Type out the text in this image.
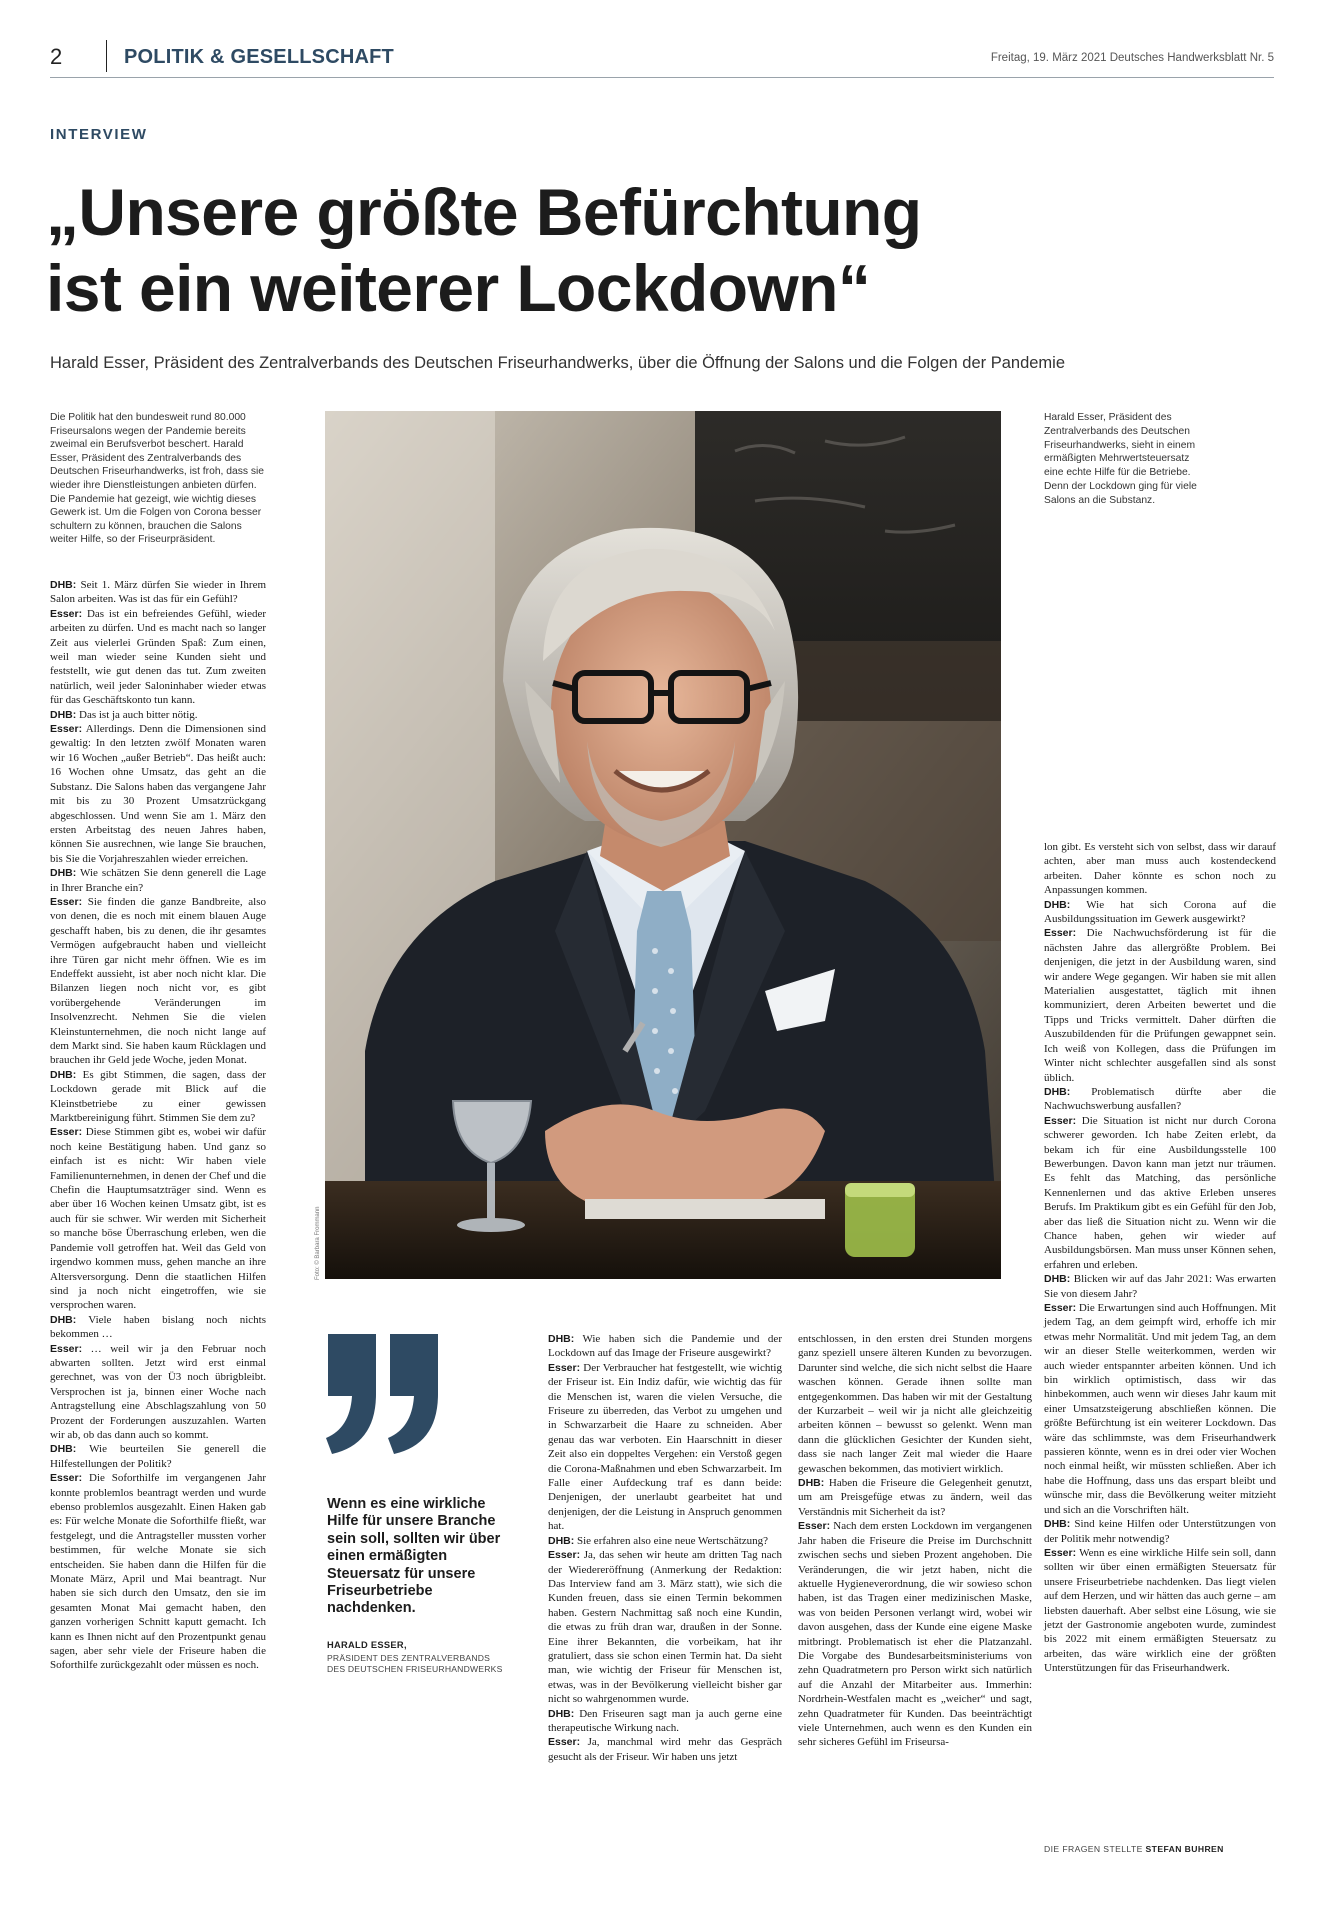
2	POLITIK & GESELLSCHAFT	Freitag, 19. März 2021 Deutsches Handwerksblatt Nr. 5
INTERVIEW
„Unsere größte Befürchtung
ist ein weiterer Lockdown“
Harald Esser, Präsident des Zentralverbands des Deutschen Friseurhandwerks, über die Öffnung der Salons und die Folgen der Pandemie
Die Politik hat den bundesweit rund 80.000 Friseursalons wegen der Pandemie bereits zweimal ein Berufsverbot beschert. Harald Esser, Präsident des Zentralverbands des Deutschen Friseurhandwerks, ist froh, dass sie wieder ihre Dienstleistungen anbieten dürfen. Die Pandemie hat gezeigt, wie wichtig dieses Gewerk ist. Um die Folgen von Corona besser schultern zu können, brauchen die Salons weiter Hilfe, so der Friseurpräsident.
Foto: © Barbara Frommann
Harald Esser, Präsident des Zentralverbands des Deutschen Friseurhandwerks, sieht in einem ermäßigten Mehrwertsteuersatz eine echte Hilfe für die Betriebe. Denn der Lockdown ging für viele Salons an die Substanz.

DHB: Seit 1. März dürfen Sie wieder in Ihrem Salon arbeiten. Was ist das für ein Gefühl?

Esser: Das ist ein befreiendes Gefühl, wieder arbeiten zu dürfen. Und es macht nach so langer Zeit aus vielerlei Gründen Spaß: Zum einen, weil man wieder seine Kunden sieht und feststellt, wie gut denen das tut. Zum zweiten natürlich, weil jeder Saloninhaber wieder etwas für das Geschäftskonto tun kann.

DHB: Das ist ja auch bitter nötig.

Esser: Allerdings. Denn die Dimensionen sind gewaltig: In den letzten zwölf Monaten waren wir 16 Wochen „außer Betrieb“. Das heißt auch: 16 Wochen ohne Umsatz, das geht an die Substanz. Die Salons haben das vergangene Jahr mit bis zu 30 Prozent Umsatzrückgang abgeschlossen. Und wenn Sie am 1. März den ersten Arbeitstag des neuen Jahres haben, können Sie ausrechnen, wie lange Sie brauchen, bis Sie die Vorjahreszahlen wieder erreichen.

DHB: Wie schätzen Sie denn generell die Lage in Ihrer Branche ein?

Esser: Sie finden die ganze Bandbreite, also von denen, die es noch mit einem blauen Auge geschafft haben, bis zu denen, die ihr gesamtes Vermögen aufgebraucht haben und vielleicht ihre Türen gar nicht mehr öffnen. Wie es im Endeffekt aussieht, ist aber noch nicht klar. Die Bilanzen liegen noch nicht vor, es gibt vorübergehende Veränderungen im Insolvenzrecht. Nehmen Sie die vielen Kleinstunternehmen, die noch nicht lange auf dem Markt sind. Sie haben kaum Rücklagen und brauchen ihr Geld jede Woche, jeden Monat.

DHB: Es gibt Stimmen, die sagen, dass der Lockdown gerade mit Blick auf die Kleinstbetriebe zu einer gewissen Marktbereinigung führt. Stimmen Sie dem zu?

Esser: Diese Stimmen gibt es, wobei wir dafür noch keine Bestätigung haben. Und ganz so einfach ist es nicht: Wir haben viele Familienunternehmen, in denen der Chef und die Chefin die Hauptumsatzträger sind. Wenn es aber über 16 Wochen keinen Umsatz gibt, ist es auch für sie schwer. Wir werden mit Sicherheit so manche böse Überraschung erleben, wen die Pandemie voll getroffen hat. Weil das Geld von irgendwo kommen muss, gehen manche an ihre Altersversorgung. Denn die staatlichen Hilfen sind ja noch nicht eingetroffen, wie sie versprochen waren.

DHB: Viele haben bislang noch nichts bekommen …

Esser: … weil wir ja den Februar noch abwarten sollten. Jetzt wird erst einmal gerechnet, was von der Ü3 noch übrigbleibt. Versprochen ist ja, binnen einer Woche nach Antragstellung eine Abschlagszahlung von 50 Prozent der Forderungen auszuzahlen. Warten wir ab, ob das dann auch so kommt.

DHB: Wie beurteilen Sie generell die Hilfestellungen der Politik?

Esser: Die Soforthilfe im vergangenen Jahr konnte problemlos beantragt werden und wurde ebenso problemlos ausgezahlt. Einen Haken gab es: Für welche Monate die Soforthilfe fließt, war festgelegt, und die Antragsteller mussten vorher bestimmen, für welche Monate sie sich entscheiden. Sie haben dann die Hilfen für die Monate März, April und Mai beantragt. Nur haben sie sich durch den Umsatz, den sie im gesamten Monat Mai gemacht haben, den ganzen vorherigen Schnitt kaputt gemacht. Ich kann es Ihnen nicht auf den Prozentpunkt genau sagen, aber sehr viele der Friseure haben die Soforthilfe zurückgezahlt oder müssen es noch.

DHB: Wie haben sich die Pandemie und der Lockdown auf das Image der Friseure ausgewirkt?

Esser: Der Verbraucher hat festgestellt, wie wichtig der Friseur ist. Ein Indiz dafür, wie wichtig das für die Menschen ist, waren die vielen Versuche, die Friseure zu überreden, das Verbot zu umgehen und in Schwarzarbeit die Haare zu schneiden. Aber genau das war verboten. Ein Haarschnitt in dieser Zeit also ein doppeltes Vergehen: ein Verstoß gegen die Corona-Maßnahmen und eben Schwarzarbeit. Im Falle einer Aufdeckung traf es dann beide: Denjenigen, der unerlaubt gearbeitet hat und denjenigen, der die Leistung in Anspruch genommen hat.

DHB: Sie erfahren also eine neue Wertschätzung?

Esser: Ja, das sehen wir heute am dritten Tag nach der Wiedereröffnung (Anmerkung der Redaktion: Das Interview fand am 3. März statt), wie sich die Kunden freuen, dass sie einen Termin bekommen haben. Gestern Nachmittag saß noch eine Kundin, die etwas zu früh dran war, draußen in der Sonne. Eine ihrer Bekannten, die vorbeikam, hat ihr gratuliert, dass sie schon einen Termin hat. Da sieht man, wie wichtig der Friseur für Menschen ist, etwas, was in der Bevölkerung vielleicht bisher gar nicht so wahrgenommen wurde.

DHB: Den Friseuren sagt man ja auch gerne eine therapeutische Wirkung nach.

Esser: Ja, manchmal wird mehr das Gespräch gesucht als der Friseur. Wir haben uns jetzt

entschlossen, in den ersten drei Stunden morgens ganz speziell unsere älteren Kunden zu bevorzugen. Darunter sind welche, die sich nicht selbst die Haare waschen können. Gerade ihnen sollte man entgegenkommen. Das haben wir mit der Gestaltung der Kurzarbeit – weil wir ja nicht alle gleichzeitig arbeiten können – bewusst so gelenkt. Wenn man dann die glücklichen Gesichter der Kunden sieht, dass sie nach langer Zeit mal wieder die Haare gewaschen bekommen, das motiviert wirklich.

DHB: Haben die Friseure die Gelegenheit genutzt, um am Preisgefüge etwas zu ändern, weil das Verständnis mit Sicherheit da ist?

Esser: Nach dem ersten Lockdown im vergangenen Jahr haben die Friseure die Preise im Durchschnitt zwischen sechs und sieben Prozent angehoben. Die Veränderungen, die wir jetzt haben, nicht die aktuelle Hygieneverordnung, die wir sowieso schon haben, ist das Tragen einer medizinischen Maske, was von beiden Personen verlangt wird, wobei wir davon ausgehen, dass der Kunde eine eigene Maske mitbringt. Problematisch ist eher die Platzanzahl. Die Vorgabe des Bundesarbeitsministeriums von zehn Quadratmetern pro Person wirkt sich natürlich auf die Anzahl der Mitarbeiter aus. Immerhin: Nordrhein-Westfalen macht es „weicher“ und sagt, zehn Quadratmeter für Kunden. Das beeinträchtigt viele Unternehmen, auch wenn es den Kunden ein sehr sicheres Gefühl im Friseursa-

lon gibt. Es versteht sich von selbst, dass wir darauf achten, aber man muss auch kostendeckend arbeiten. Daher könnte es schon noch zu Anpassungen kommen.

DHB: Wie hat sich Corona auf die Ausbildungssituation im Gewerk ausgewirkt?

Esser: Die Nachwuchsförderung ist für die nächsten Jahre das allergrößte Problem. Bei denjenigen, die jetzt in der Ausbildung waren, sind wir andere Wege gegangen. Wir haben sie mit allen Materialien ausgestattet, täglich mit ihnen kommuniziert, deren Arbeiten bewertet und die Tipps und Tricks vermittelt. Daher dürften die Auszubildenden für die Prüfungen gewappnet sein. Ich weiß von Kollegen, dass die Prüfungen im Winter nicht schlechter ausgefallen sind als sonst üblich.

DHB: Problematisch dürfte aber die Nachwuchswerbung ausfallen?

Esser: Die Situation ist nicht nur durch Corona schwerer geworden. Ich habe Zeiten erlebt, da bekam ich für eine Ausbildungsstelle 100 Bewerbungen. Davon kann man jetzt nur träumen. Es fehlt das Matching, das persönliche Kennenlernen und das aktive Erleben unseres Berufs. Im Praktikum gibt es ein Gefühl für den Job, aber das ließ die Situation nicht zu. Wenn wir die Chance haben, gehen wir wieder auf Ausbildungsbörsen. Man muss unser Können sehen, erfahren und erleben.

DHB: Blicken wir auf das Jahr 2021: Was erwarten Sie von diesem Jahr?

Esser: Die Erwartungen sind auch Hoffnungen. Mit jedem Tag, an dem geimpft wird, erhoffe ich mir etwas mehr Normalität. Und mit jedem Tag, an dem wir an dieser Stelle weiterkommen, werden wir auch wieder entspannter arbeiten können. Und ich bin wirklich optimistisch, dass wir das hinbekommen, auch wenn wir dieses Jahr kaum mit einer Umsatzsteigerung abschließen können. Die größte Befürchtung ist ein weiterer Lockdown. Das wäre das schlimmste, was dem Friseurhandwerk passieren könnte, wenn es in drei oder vier Wochen noch einmal heißt, wir müssten schließen. Aber ich habe die Hoffnung, dass uns das erspart bleibt und wünsche mir, dass die Bevölkerung weiter mitzieht und sich an die Vorschriften hält.

DHB: Sind keine Hilfen oder Unterstützungen von der Politik mehr notwendig?

Esser: Wenn es eine wirkliche Hilfe sein soll, dann sollten wir über einen ermäßigten Steuersatz für unsere Friseurbetriebe nachdenken. Das liegt vielen auf dem Herzen, und wir hätten das auch gerne – am liebsten dauerhaft. Aber selbst eine Lösung, wie sie jetzt der Gastronomie angeboten wurde, zumindest bis 2022 mit einem ermäßigten Steuersatz zu arbeiten, das wäre wirklich eine der größten Unterstützungen für das Friseurhandwerk.

Wenn es eine wirkliche Hilfe für unsere Branche sein soll, sollten wir über einen ermäßigten Steuersatz für unsere Friseurbetriebe nachdenken.
HARALD ESSER,
PRÄSIDENT DES ZENTRALVERBANDS
DES DEUTSCHEN FRISEURHANDWERKS
DIE FRAGEN STELLTE STEFAN BUHREN
